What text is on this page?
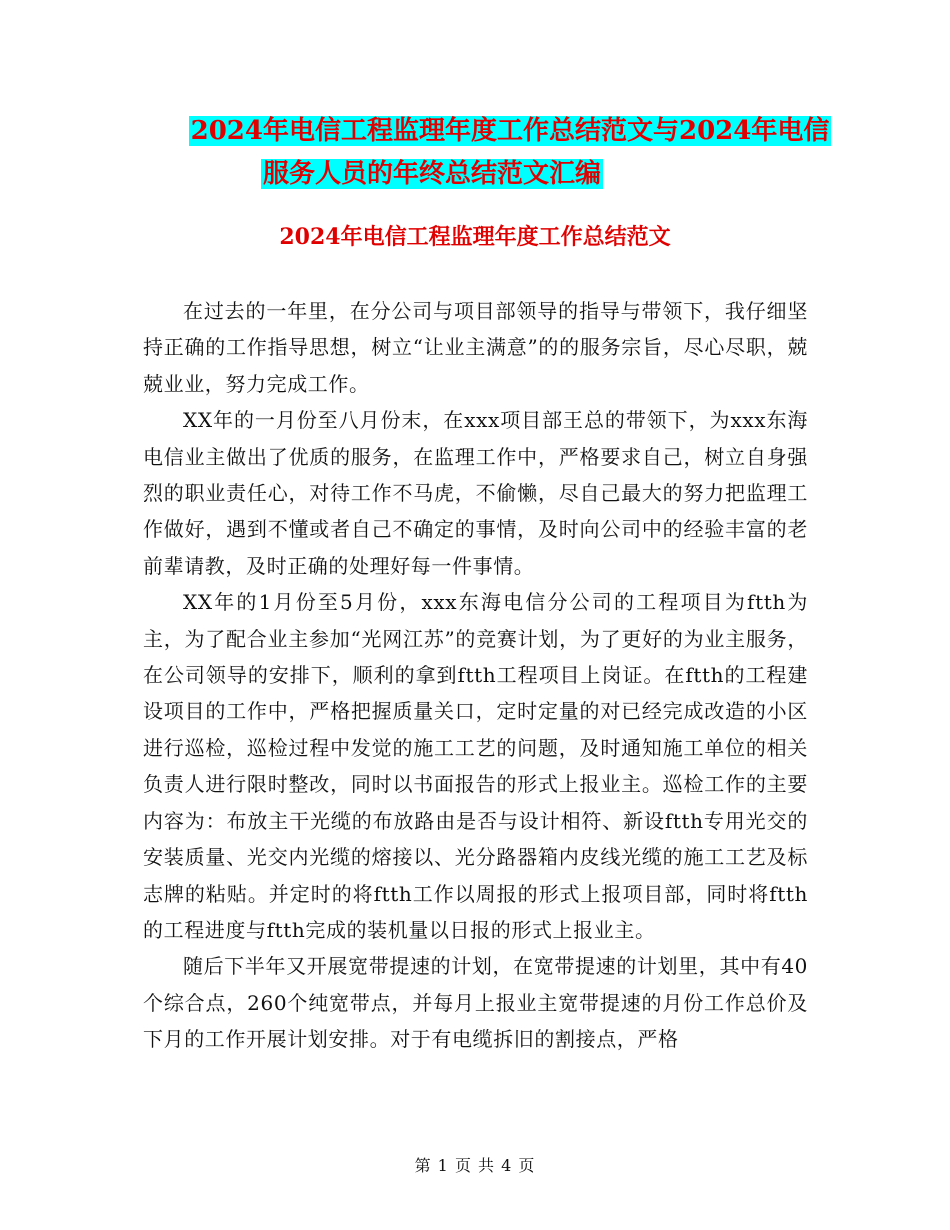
2024年电信工程监理年度工作总结范文与2024年电信
服务人员的年终总结范文汇编
2024年电信工程监理年度工作总结范文

在过去的一年里，在分公司与项目部领导的指导与带领下，我仔细坚持正确的工作指导思想，树立“让业主满意”的的服务宗旨，尽心尽职，兢兢业业，努力完成工作。

XX年的一月份至八月份末，在xxx项目部王总的带领下，为xxx东海电信业主做出了优质的服务，在监理工作中，严格要求自己，树立自身强烈的职业责任心，对待工作不马虎，不偷懒，尽自己最大的努力把监理工作做好，遇到不懂或者自己不确定的事情，及时向公司中的经验丰富的老前辈请教，及时正确的处理好每一件事情。

XX年的1月份至5月份，xxx东海电信分公司的工程项目为ftth为主，为了配合业主参加“光网江苏”的竞赛计划，为了更好的为业主服务，在公司领导的安排下，顺利的拿到ftth工程项目上岗证。在ftth的工程建设项目的工作中，严格把握质量关口，定时定量的对已经完成改造的小区进行巡检，巡检过程中发觉的施工工艺的问题，及时通知施工单位的相关负责人进行限时整改，同时以书面报告的形式上报业主。巡检工作的主要内容为：布放主干光缆的布放路由是否与设计相符、新设ftth专用光交的安装质量、光交内光缆的熔接以、光分路器箱内皮线光缆的施工工艺及标志牌的粘贴。并定时的将ftth工作以周报的形式上报项目部，同时将ftth的工程进度与ftth完成的装机量以日报的形式上报业主。

随后下半年又开展宽带提速的计划，在宽带提速的计划里，其中有40个综合点，260个纯宽带点，并每月上报业主宽带提速的月份工作总价及下月的工作开展计划安排。对于有电缆拆旧的割接点，严格

第 1 页 共 4 页
